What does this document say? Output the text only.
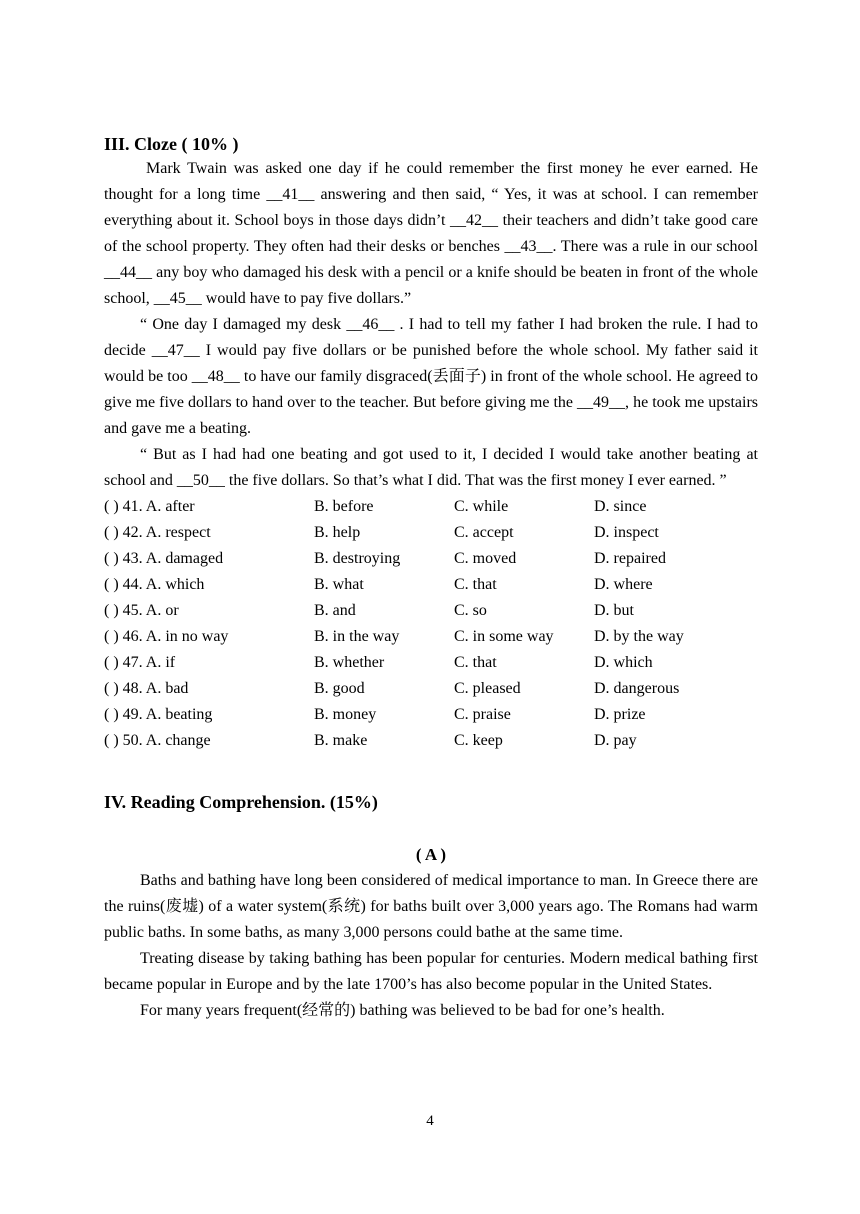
III. Cloze ( 10% )

Mark Twain was asked one day if he could remember the first money he ever earned. He thought for a long time __41__ answering and then said, “ Yes, it was at school. I can remember everything about it. School boys in those days didn’t __42__ their teachers and didn’t take good care of the school property. They often had their desks or benches __43__. There was a rule in our school __44__ any boy who damaged his desk with a pencil or a knife should be beaten in front of the whole school, __45__ would have to pay five dollars.”

“ One day I damaged my desk __46__ . I had to tell my father I had broken the rule. I had to decide __47__ I would pay five dollars or be punished before the whole school. My father said it would be too __48__ to have our family disgraced(丢面子) in front of the whole school. He agreed to give me five dollars to hand over to the teacher. But before giving me the __49__, he took me upstairs and gave me a beating.

“ But as I had had one beating and got used to it, I decided I would take another beating at school and __50__ the five dollars. So that’s what I did. That was the first money I ever earned. ”

( ) 41. A. after	B. before	C. while	D. since
( ) 42. A. respect	B. help	C. accept	D. inspect
( ) 43. A. damaged	B. destroying	C. moved	D. repaired
( ) 44. A. which	B. what	C. that	D. where
( ) 45. A. or	B. and	C. so	D. but
( ) 46. A. in no way	B. in the way	C. in some way	D. by the way
( ) 47. A. if	B. whether	C. that	D. which
( ) 48. A. bad	B. good	C. pleased	D. dangerous
( ) 49. A. beating	B. money	C. praise	D. prize
( ) 50. A. change	B. make	C. keep	D. pay
IV. Reading Comprehension. (15%)
( A )

Baths and bathing have long been considered of medical importance to man. In Greece there are the ruins(废墟) of a water system(系统) for baths built over 3,000 years ago. The Romans had warm public baths. In some baths, as many 3,000 persons could bathe at the same time.

Treating disease by taking bathing has been popular for centuries. Modern medical bathing first became popular in Europe and by the late 1700’s has also become popular in the United States.

For many years frequent(经常的) bathing was believed to be bad for one’s health.

4
